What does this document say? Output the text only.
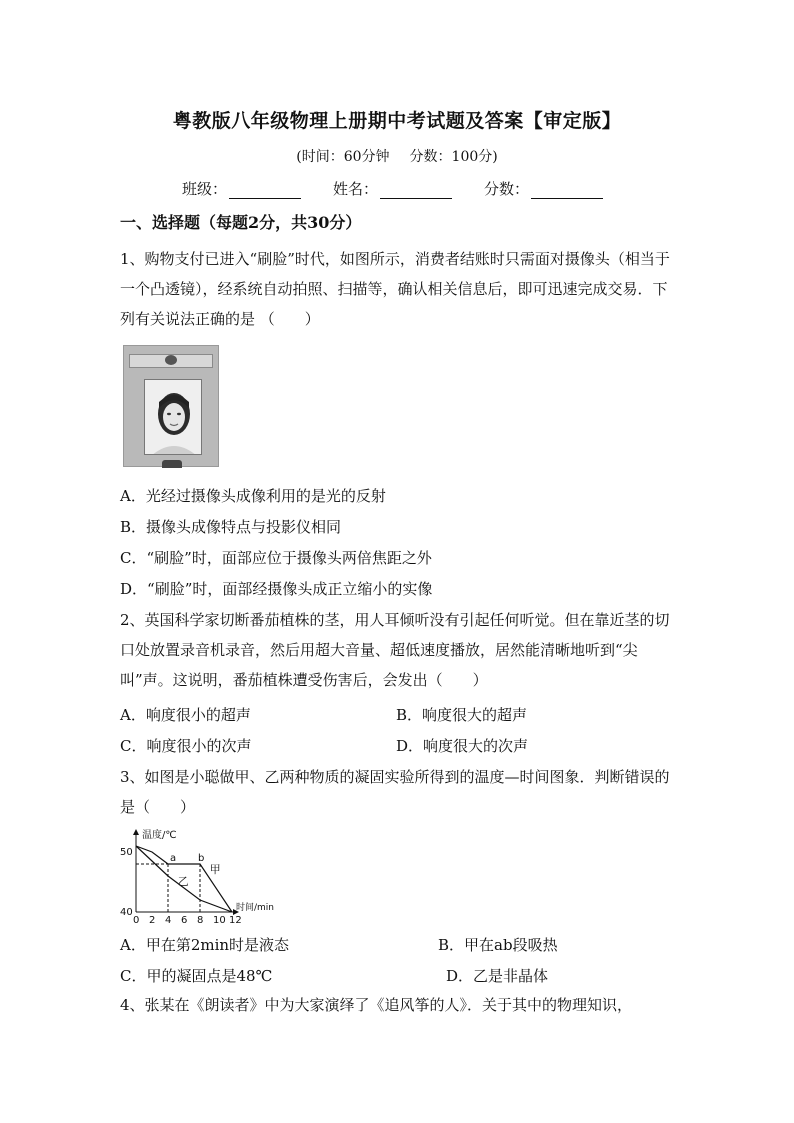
粤教版八年级物理上册期中考试题及答案【审定版】
(时间：60分钟 分数：100分)
班级：	姓名：	分数：
一、选择题（每题2分，共30分）
1、购物支付已进入“刷脸”时代，如图所示，消费者结账时只需面对摄像头（相当于一个凸透镜），经系统自动拍照、扫描等，确认相关信息后，即可迅速完成交易．下列有关说法正确的是 （　　）
A．光经过摄像头成像利用的是光的反射
B．摄像头成像特点与投影仪相同
C．“刷脸”时，面部应位于摄像头两倍焦距之外
D．“刷脸”时，面部经摄像头成正立缩小的实像
2、英国科学家切断番茄植株的茎，用人耳倾听没有引起任何听觉。但在靠近茎的切口处放置录音机录音，然后用超大音量、超低速度播放，居然能清晰地听到“尖叫”声。这说明，番茄植株遭受伤害后，会发出（　　）
A．响度很小的超声	B．响度很大的超声
C．响度很小的次声	D．响度很大的次声
3、如图是小聪做甲、乙两种物质的凝固实验所得到的温度—时间图象．判断错误的是（　　）
温度/℃
时间/min
40
50
0 2 4 6 8 10 12
a b
甲
乙
A．甲在第2min时是液态	B．甲在ab段吸热
C．甲的凝固点是48℃	D．乙是非晶体
4、张某在《朗读者》中为大家演绎了《追风筝的人》．关于其中的物理知识，
